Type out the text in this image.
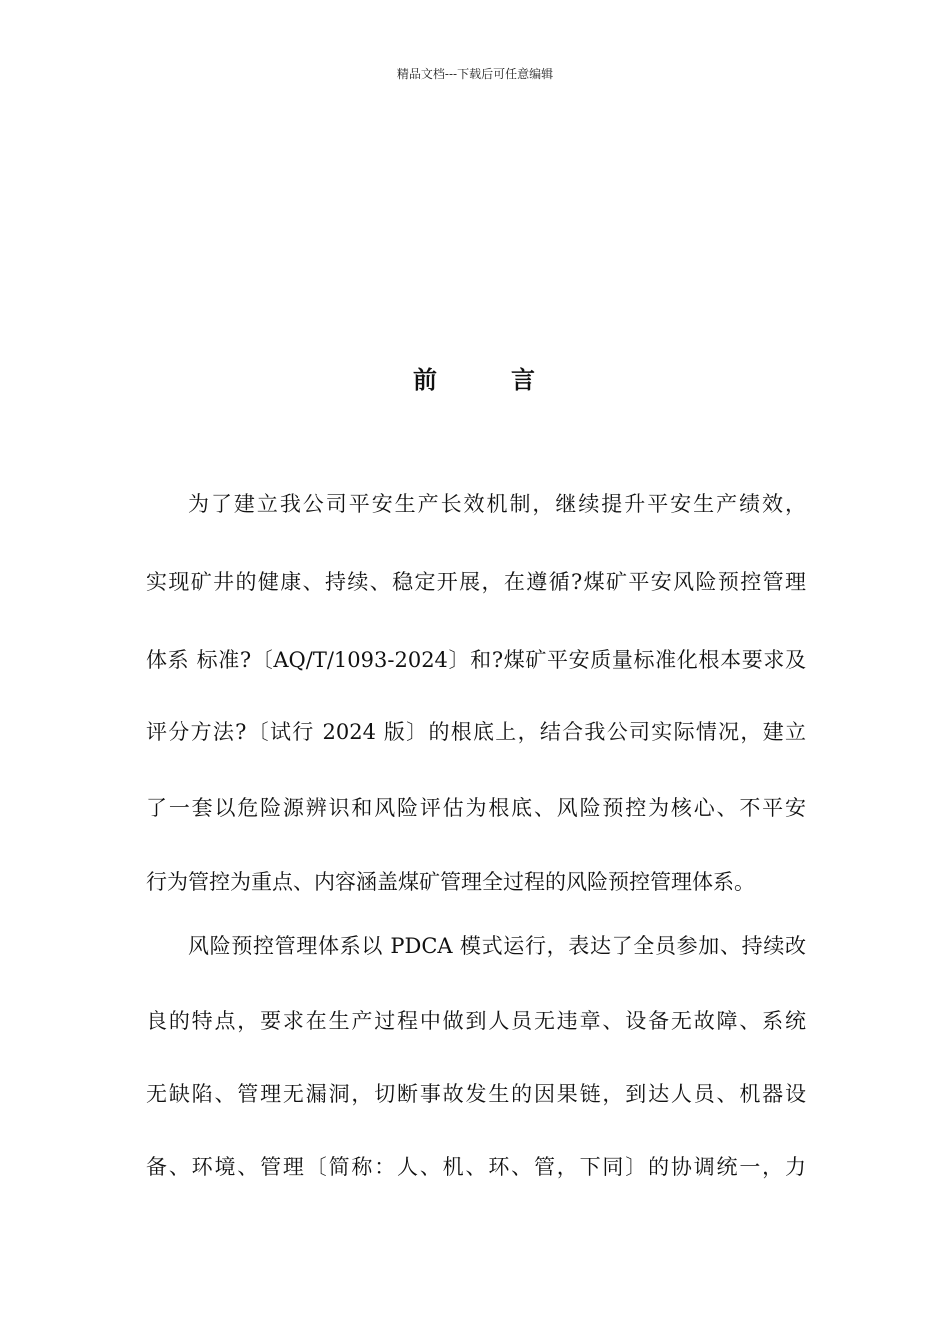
精品文档---下载后可任意编辑
前	言
为了建立我公司平安生产长效机制，继续提升平安生产绩效，
实现矿井的健康、持续、稳定开展，在遵循?煤矿平安风险预控管理
体系 标准?〔AQ/T/1093-2024〕和?煤矿平安质量标准化根本要求及
评分方法?〔试行 2024 版〕的根底上，结合我公司实际情况，建立
了一套以危险源辨识和风险评估为根底、风险预控为核心、不平安
行为管控为重点、内容涵盖煤矿管理全过程的风险预控管理体系。
风险预控管理体系以 PDCA 模式运行，表达了全员参加、持续改
良的特点，要求在生产过程中做到人员无违章、设备无故障、系统
无缺陷、管理无漏洞，切断事故发生的因果链，到达人员、机器设
备、环境、管理〔简称：人、机、环、管，下同〕的协调统一，力
